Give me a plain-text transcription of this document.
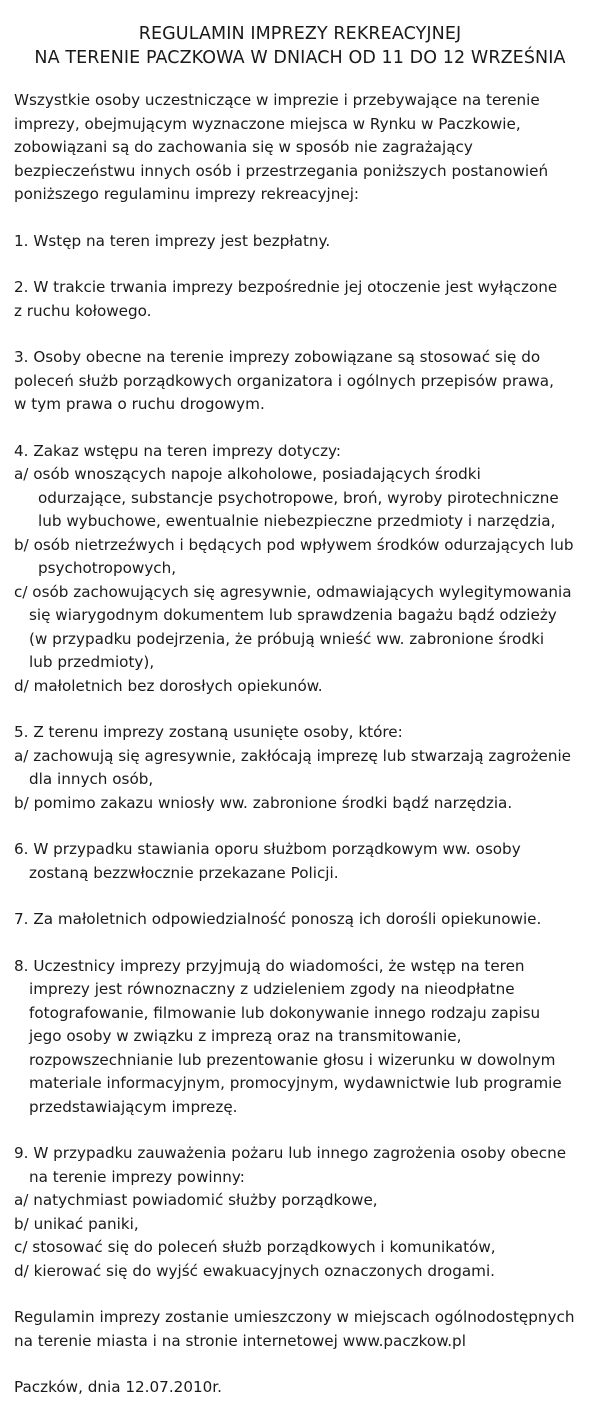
REGULAMIN IMPREZY REKREACYJNEJ
NA TERENIE PACZKOWA W DNIACH OD 11 DO 12 WRZEŚNIA
Wszystkie osoby uczestniczące w imprezie i przebywające na terenie
imprezy, obejmującym wyznaczone miejsca w Rynku w Paczkowie,
zobowiązani są do zachowania się w sposób nie zagrażający
bezpieczeństwu innych osób i przestrzegania poniższych postanowień
poniższego regulaminu imprezy rekreacyjnej:
1. Wstęp na teren imprezy jest bezpłatny.
2. W trakcie trwania imprezy bezpośrednie jej otoczenie jest wyłączone
z ruchu kołowego.
3. Osoby obecne na terenie imprezy zobowiązane są stosować się do
poleceń służb porządkowych organizatora i ogólnych przepisów prawa,
w tym prawa o ruchu drogowym.
4. Zakaz wstępu na teren imprezy dotyczy:
a/ osób wnoszących napoje alkoholowe, posiadających środki
odurzające, substancje psychotropowe, broń, wyroby pirotechniczne
lub wybuchowe, ewentualnie niebezpieczne przedmioty i narzędzia,
b/ osób nietrzeźwych i będących pod wpływem środków odurzających lub
psychotropowych,
c/ osób zachowujących się agresywnie, odmawiających wylegitymowania
się wiarygodnym dokumentem lub sprawdzenia bagażu bądź odzieży
(w przypadku podejrzenia, że próbują wnieść ww. zabronione środki
lub przedmioty),
d/ małoletnich bez dorosłych opiekunów.
5. Z terenu imprezy zostaną usunięte osoby, które:
a/ zachowują się agresywnie, zakłócają imprezę lub stwarzają zagrożenie
dla innych osób,
b/ pomimo zakazu wniosły ww. zabronione środki bądź narzędzia.
6. W przypadku stawiania oporu służbom porządkowym ww. osoby
zostaną bezzwłocznie przekazane Policji.
7. Za małoletnich odpowiedzialność ponoszą ich dorośli opiekunowie.
8. Uczestnicy imprezy przyjmują do wiadomości, że wstęp na teren
imprezy jest równoznaczny z udzieleniem zgody na nieodpłatne
fotografowanie, filmowanie lub dokonywanie innego rodzaju zapisu
jego osoby w związku z imprezą oraz na transmitowanie,
rozpowszechnianie lub prezentowanie głosu i wizerunku w dowolnym
materiale informacyjnym, promocyjnym, wydawnictwie lub programie
przedstawiającym imprezę.
9. W przypadku zauważenia pożaru lub innego zagrożenia osoby obecne
na terenie imprezy powinny:
a/ natychmiast powiadomić służby porządkowe,
b/ unikać paniki,
c/ stosować się do poleceń służb porządkowych i komunikatów,
d/ kierować się do wyjść ewakuacyjnych oznaczonych drogami.
Regulamin imprezy zostanie umieszczony w miejscach ogólnodostępnych
na terenie miasta i na stronie internetowej www.paczkow.pl
Paczków, dnia 12.07.2010r.
